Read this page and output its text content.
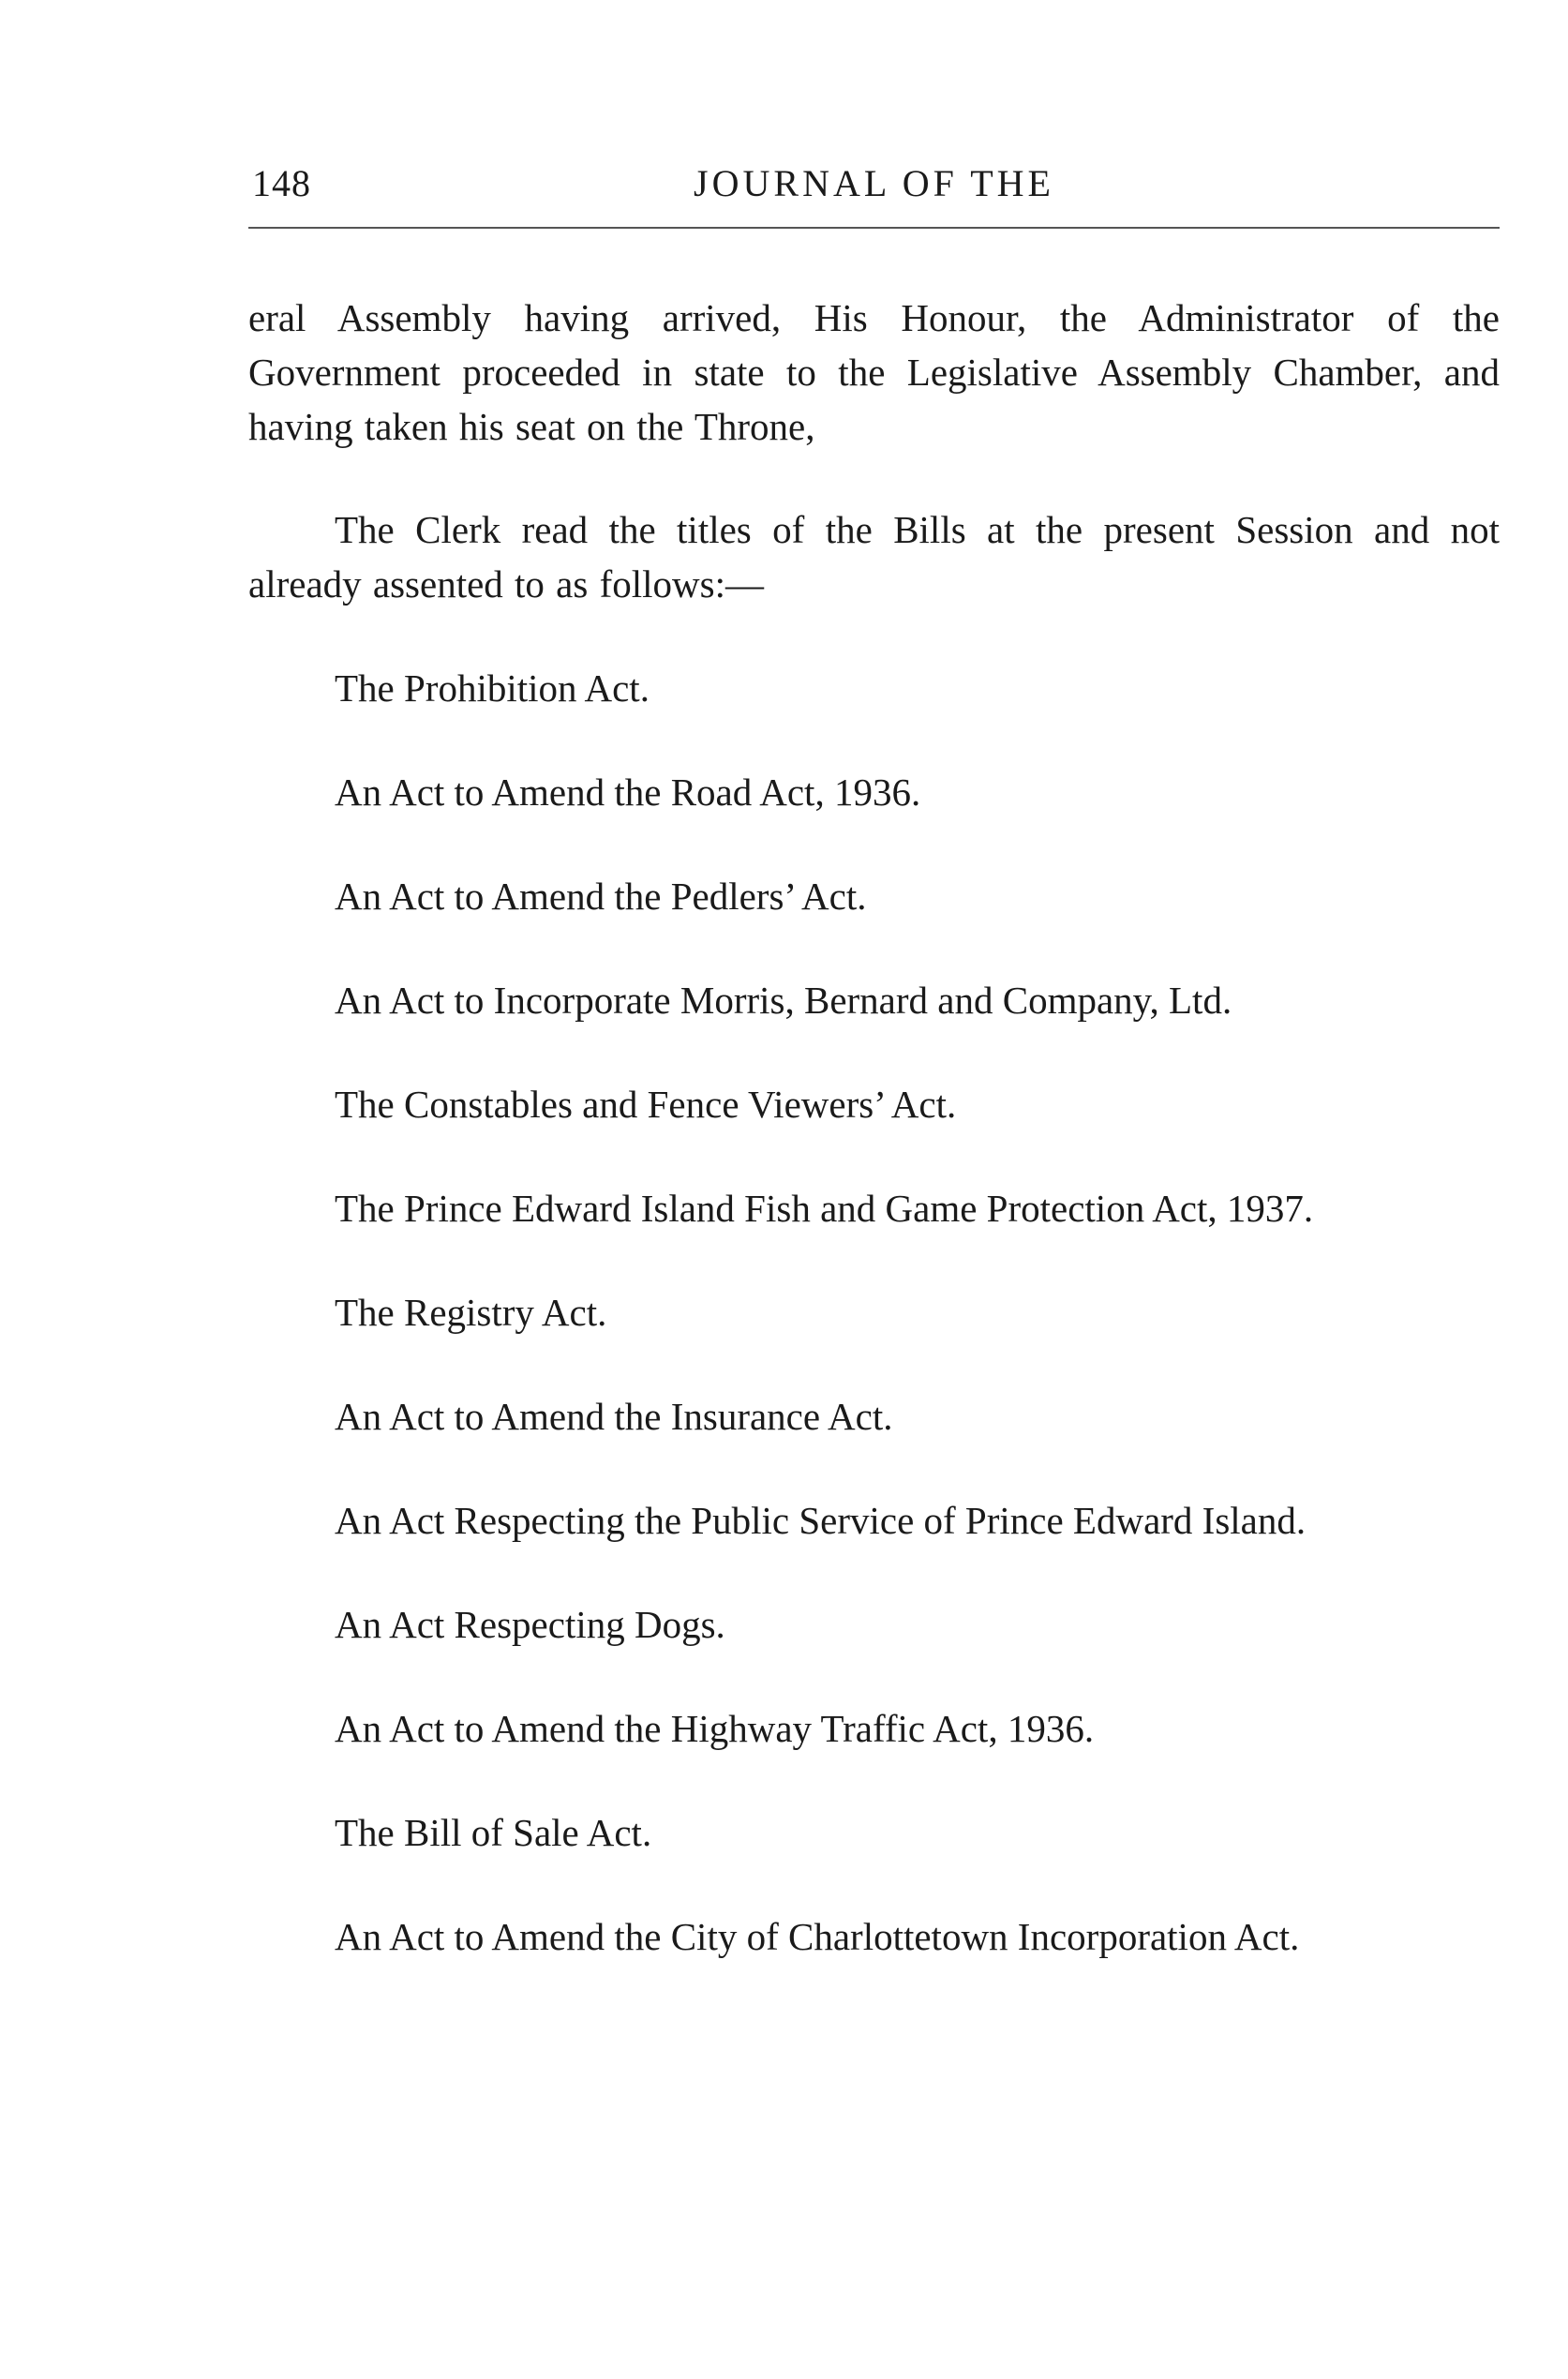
148	JOURNAL OF THE

eral Assembly having arrived, His Honour, the Administrator of the Government proceeded in state to the Legislative Assembly Chamber, and having taken his seat on the Throne,

The Clerk read the titles of the Bills at the present Session and not already assented to as follows:—

The Prohibition Act.

An Act to Amend the Road Act, 1936.

An Act to Amend the Pedlers’ Act.

An Act to Incorporate Morris, Bernard and Company, Ltd.

The Constables and Fence Viewers’ Act.

The Prince Edward Island Fish and Game Protection Act, 1937.

The Registry Act.

An Act to Amend the Insurance Act.

An Act Respecting the Public Service of Prince Edward Island.

An Act Respecting Dogs.

An Act to Amend the Highway Traffic Act, 1936.

The Bill of Sale Act.

An Act to Amend the City of Charlottetown Incorporation Act.
